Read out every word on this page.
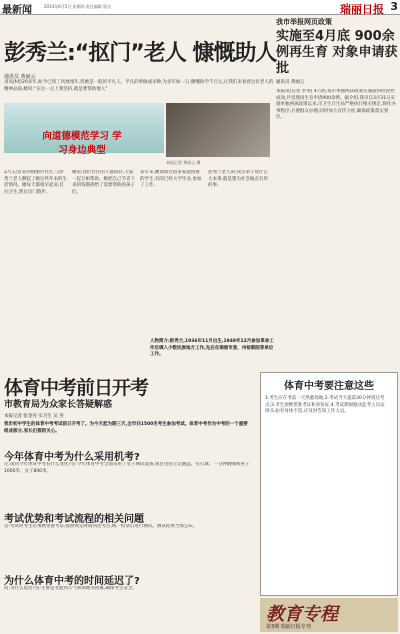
最新闻	2014年6月5日 星期四 责任编辑 版式	瑞丽日报 3
彭秀兰:“抠门”老人 慷慨助人
通讯员 黄丽云
身高体检20多年,如今已到了风烛残年,但她是一般的平凡人。平凡的事做成多种,为多年如一日,慷慨助学千百元,让我们来看看这位老人的精神品质,她说:“在这一点上我坚持,就是要帮助他人”
向道德模范学习 学习身边典型
本报记者 黄丽云 摄
2月,记者来到瑞丽市社区,与彭秀兰老人聊起了她这些年来的生活情况。她每天都很早起床,打扫卫生,然后出门散步。
她说,我们社区的人都很好,大家一起互相帮助。她把自己节省下来的钱都捐给了需要帮助的孩子们。
多年来,她资助过很多家庭困难的学生,有的已经大学毕业,参加了工作。
彭秀兰老人说:我这辈子没什么大本事,就是想为社会做点有用的事。
人物简介:彭秀兰,1936年11月出生,1949年12月参加革命工作后调入少数民族地方工作,先后在瑞丽市委、州检察院等单位工作。
我市举报网页政策
实施至4月底 900余例再生育 对象申请获批
通讯员 黄丽云
本报讯(记者 李英) 4月底,我市单独两孩政策实施取得阶段性成效,共受理再生育申请900余例。据介绍,我市自3月31日实施单独两孩政策以来,市卫生计生局严格执行相关规定,简化办事程序,方便群众办理,同时加大宣传力度,确保政策落实到位。
体育中考前日开考
市教育局为众家长答疑解惑
本报记者 张金亮 实习生 吴 英
我市初中学生的体育中考考试前日开考了。为今天起为期三天,全市共1500名考生参加考试。体育中考作为中考的一个重要组成部分,家长们都很关心。
今年体育中考为什么采用机考?
记:请问今年体育中考有什么变化?答:今年体育中考全面采用了电子测试设备,项目包括立定跳远、实心球、一分钟跳绳和男子1000米、女子800米。
考试优势和考试流程的相关问题
答:考试时考生必须携带准考证,按照规定时间到达考点,统一检录后进行测试。测试结果当场公布。
为什么体育中考的时间延迟了?
问:为什么延迟?答:主要是考虑到天气和场地等因素,确保考生安全。
体育中考要注意这些
1.考生应在考前一天熟悉场地;2.考试当天提前30分钟到达考点;3.考生须携带准考证和身份证;4.考试期间服从监考人员安排;5.如有身体不适,应及时告知工作人员。
教育专程
第3期 瑞丽日报专刊
